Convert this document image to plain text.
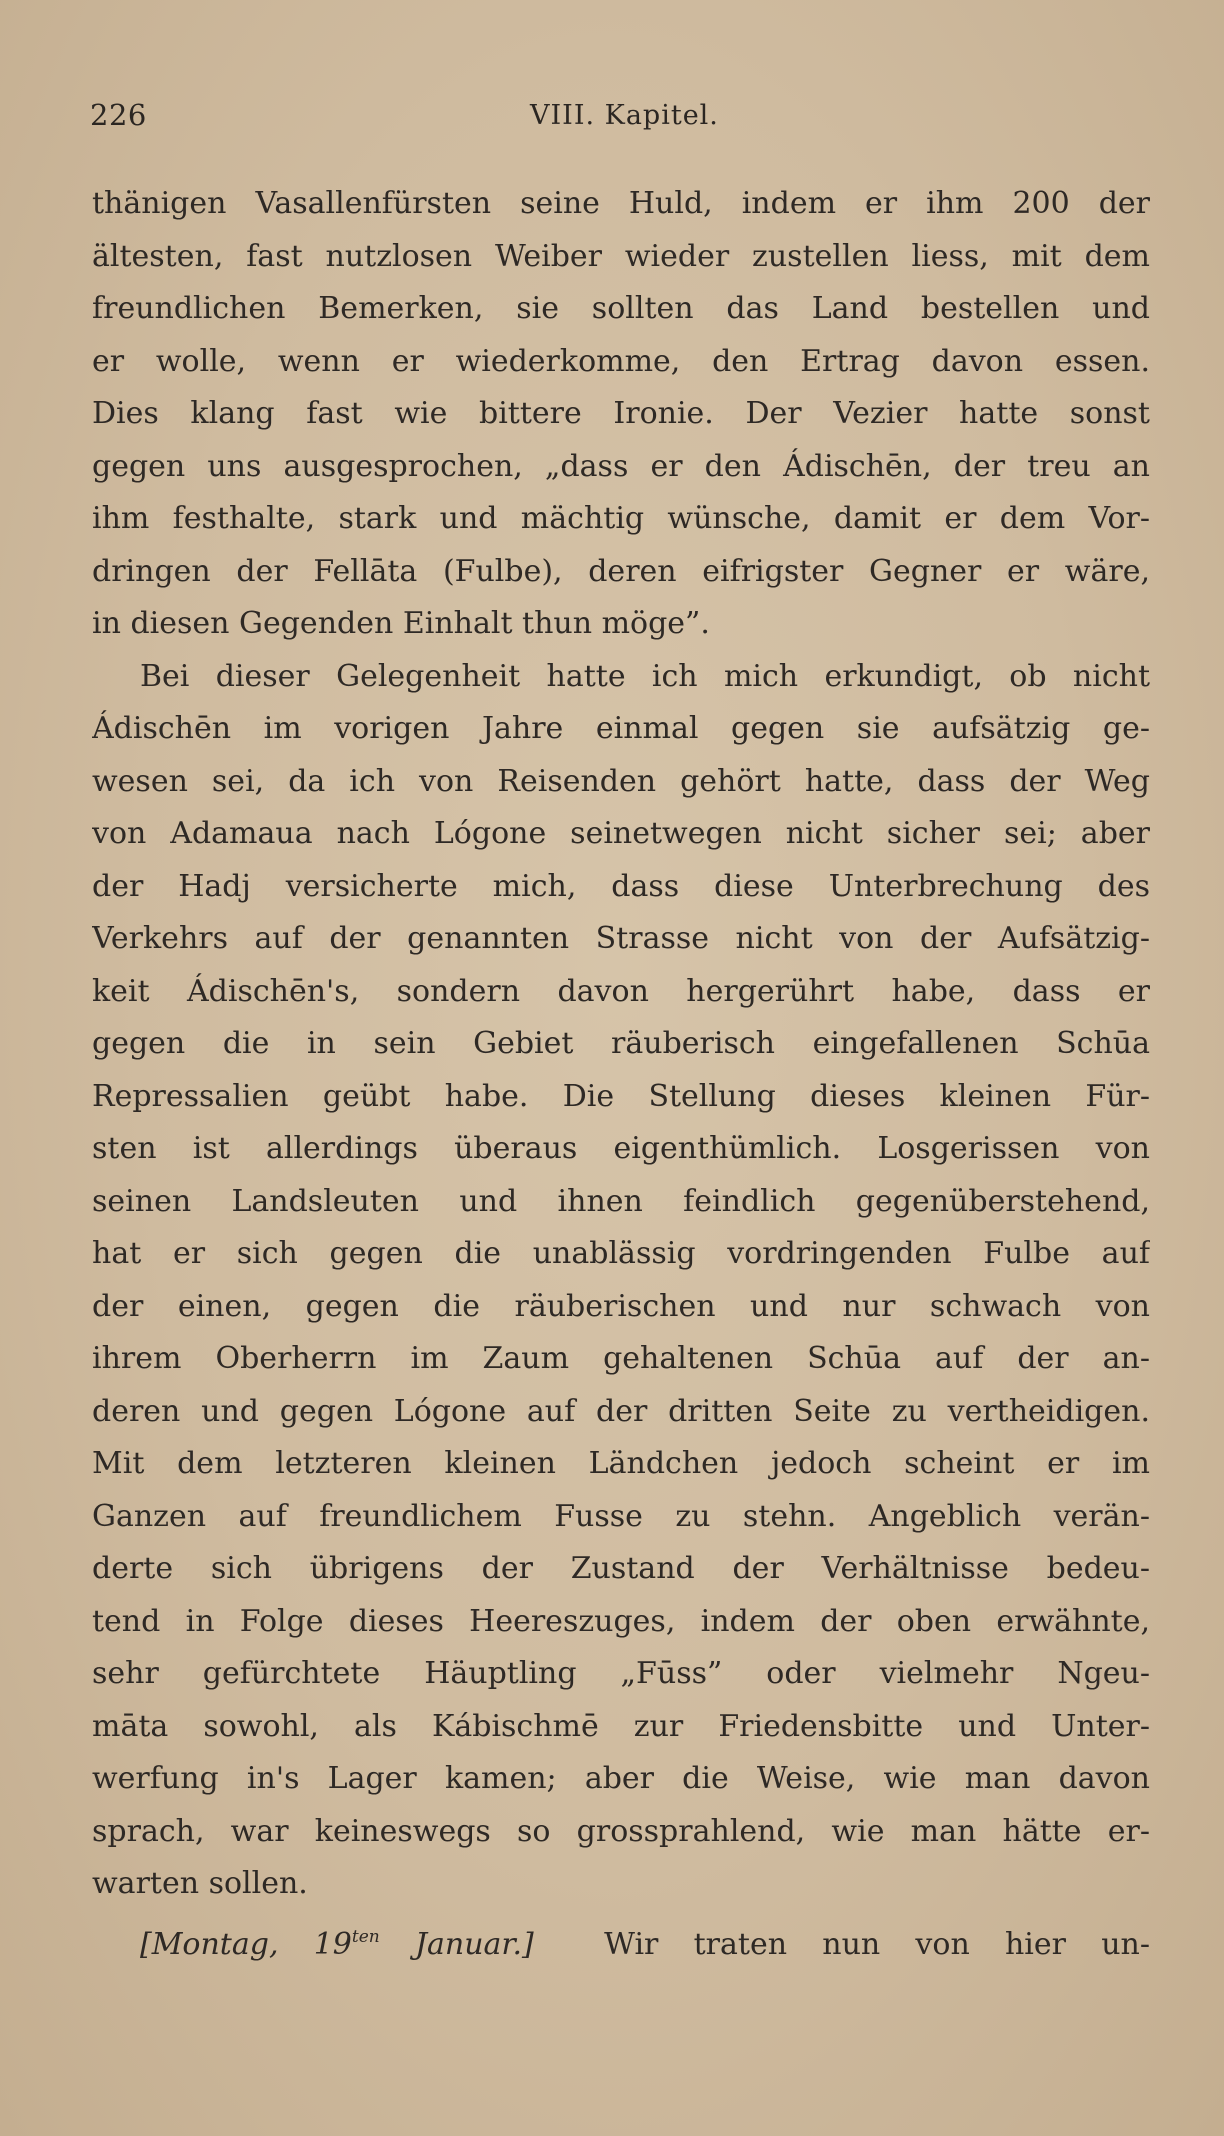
226	VIII. Kapitel.
thänigen Vasallenfürsten seine Huld, indem er ihm 200 der
ältesten, fast nutzlosen Weiber wieder zustellen liess, mit dem
freundlichen Bemerken, sie sollten das Land bestellen und
er wolle, wenn er wiederkomme, den Ertrag davon essen.
Dies klang fast wie bittere Ironie. Der Vezier hatte sonst
gegen uns ausgesprochen, „dass er den Ádischēn, der treu an
ihm festhalte, stark und mächtig wünsche, damit er dem Vor-
dringen der Fellāta (Fulbe), deren eifrigster Gegner er wäre,
in diesen Gegenden Einhalt thun möge”.
Bei dieser Gelegenheit hatte ich mich erkundigt, ob nicht
Ádischēn im vorigen Jahre einmal gegen sie aufsätzig ge-
wesen sei, da ich von Reisenden gehört hatte, dass der Weg
von Adamaua nach Lógone seinetwegen nicht sicher sei; aber
der Hadj versicherte mich, dass diese Unterbrechung des
Verkehrs auf der genannten Strasse nicht von der Aufsätzig-
keit Ádischēn's, sondern davon hergerührt habe, dass er
gegen die in sein Gebiet räuberisch eingefallenen Schūa
Repressalien geübt habe. Die Stellung dieses kleinen Für-
sten ist allerdings überaus eigenthümlich. Losgerissen von
seinen Landsleuten und ihnen feindlich gegenüberstehend,
hat er sich gegen die unablässig vordringenden Fulbe auf
der einen, gegen die räuberischen und nur schwach von
ihrem Oberherrn im Zaum gehaltenen Schūa auf der an-
deren und gegen Lógone auf der dritten Seite zu vertheidigen.
Mit dem letzteren kleinen Ländchen jedoch scheint er im
Ganzen auf freundlichem Fusse zu stehn. Angeblich verän-
derte sich übrigens der Zustand der Verhältnisse bedeu-
tend in Folge dieses Heereszuges, indem der oben erwähnte,
sehr gefürchtete Häuptling „Fūss” oder vielmehr Ngeu-
māta sowohl, als Kábischmē zur Friedensbitte und Unter-
werfung in's Lager kamen; aber die Weise, wie man davon
sprach, war keineswegs so grossprahlend, wie man hätte er-
warten sollen.
[Montag, $19^{ten}$ Januar.] Wir traten nun von hier un-
